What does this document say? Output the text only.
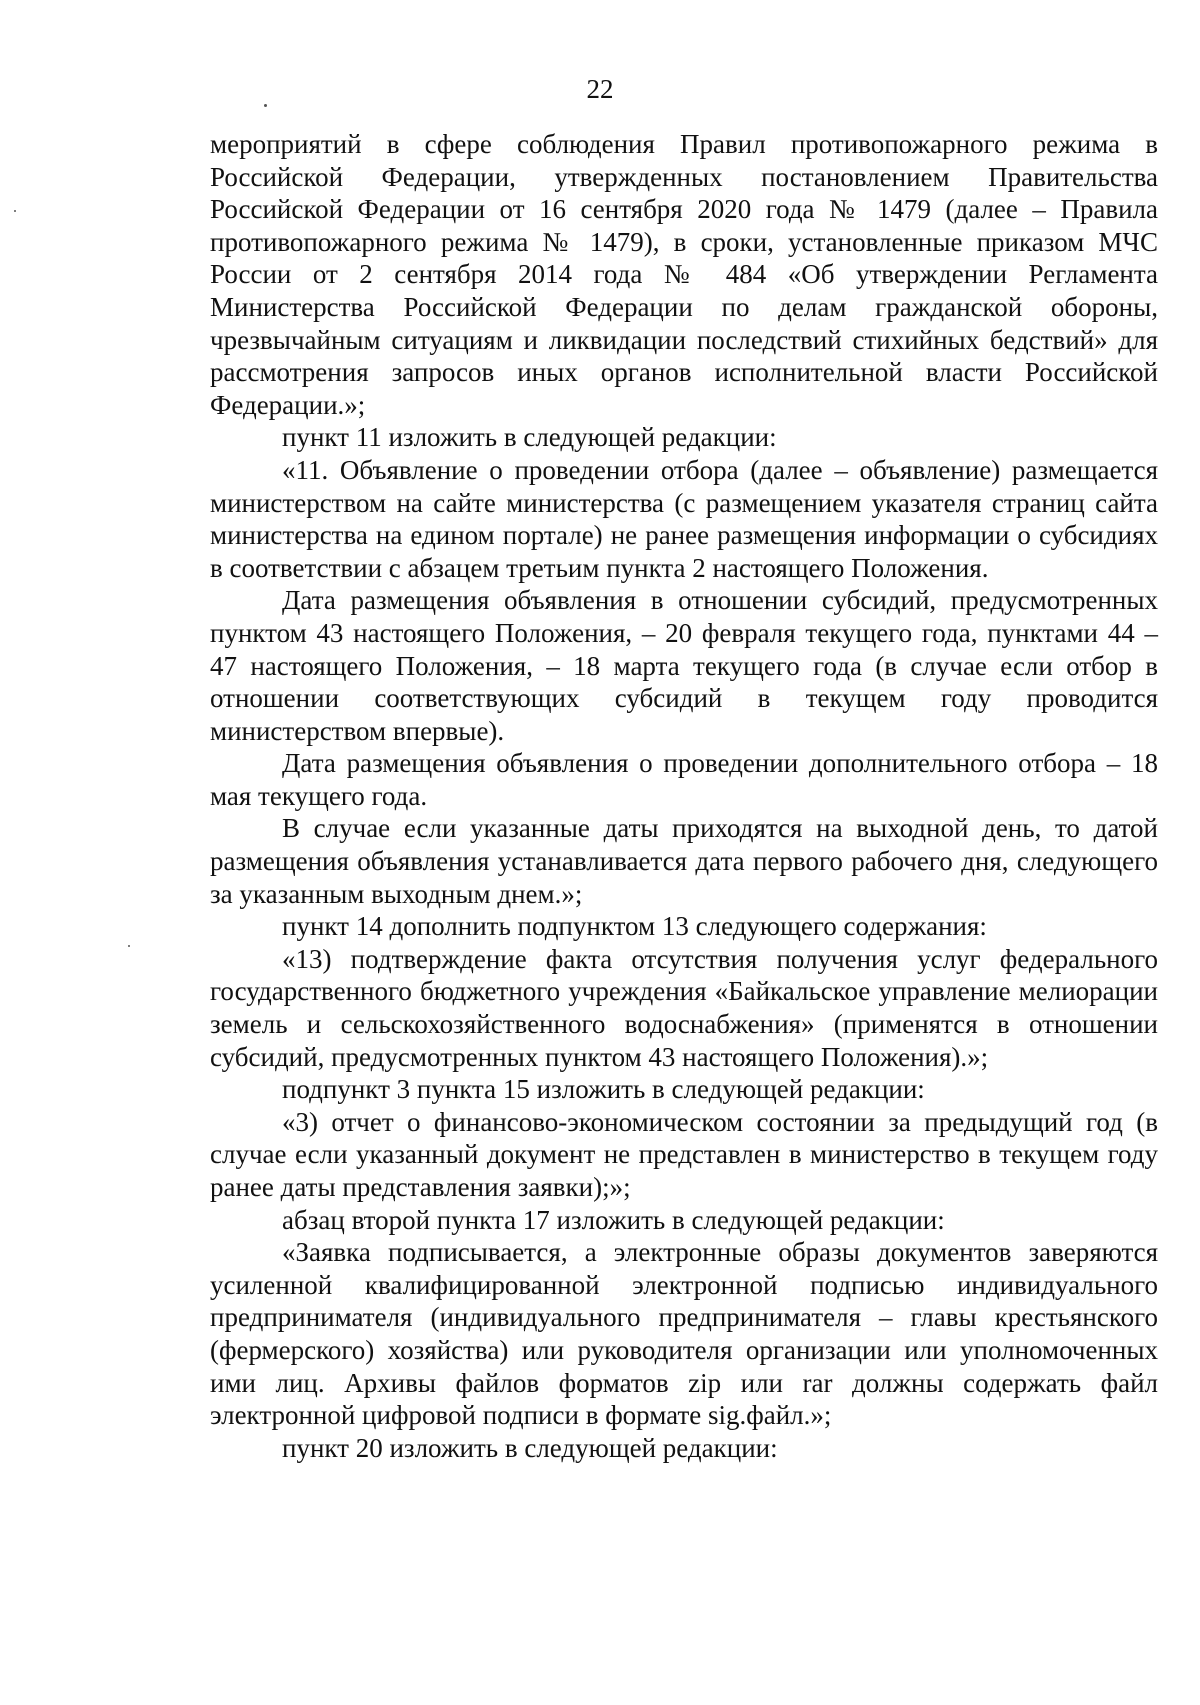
22

мероприятий в сфере соблюдения Правил противопожарного режима в Российской Федерации, утвержденных постановлением Правительства Российской Федерации от 16 сентября 2020 года № 1479 (далее – Правила противопожарного режима № 1479), в сроки, установленные приказом МЧС России от 2 сентября 2014 года № 484 «Об утверждении Регламента Министерства Российской Федерации по делам гражданской обороны, чрезвычайным ситуациям и ликвидации последствий стихийных бедствий» для рассмотрения запросов иных органов исполнительной власти Российской Федерации.»;

пункт 11 изложить в следующей редакции:

«11. Объявление о проведении отбора (далее – объявление) размещается министерством на сайте министерства (с размещением указателя страниц сайта министерства на едином портале) не ранее размещения информации о субсидиях в соответствии с абзацем третьим пункта 2 настоящего Положения.

Дата размещения объявления в отношении субсидий, предусмотренных пунктом 43 настоящего Положения, – 20 февраля текущего года, пунктами 44 – 47 настоящего Положения, – 18 марта текущего года (в случае если отбор в отношении соответствующих субсидий в текущем году проводится министерством впервые).

Дата размещения объявления о проведении дополнительного отбора – 18 мая текущего года.

В случае если указанные даты приходятся на выходной день, то датой размещения объявления устанавливается дата первого рабочего дня, следующего за указанным выходным днем.»;

пункт 14 дополнить подпунктом 13 следующего содержания:

«13) подтверждение факта отсутствия получения услуг федерального государственного бюджетного учреждения «Байкальское управление мелиорации земель и сельскохозяйственного водоснабжения» (применятся в отношении субсидий, предусмотренных пунктом 43 настоящего Положения).»;

подпункт 3 пункта 15 изложить в следующей редакции:

«3) отчет о финансово-экономическом состоянии за предыдущий год (в случае если указанный документ не представлен в министерство в текущем году ранее даты представления заявки);»;

абзац второй пункта 17 изложить в следующей редакции:

«Заявка подписывается, а электронные образы документов заверяются усиленной квалифицированной электронной подписью индивидуального предпринимателя (индивидуального предпринимателя – главы крестьянского (фермерского) хозяйства) или руководителя организации или уполномоченных ими лиц. Архивы файлов форматов zip или rar должны содержать файл электронной цифровой подписи в формате sig.файл.»;

пункт 20 изложить в следующей редакции:
